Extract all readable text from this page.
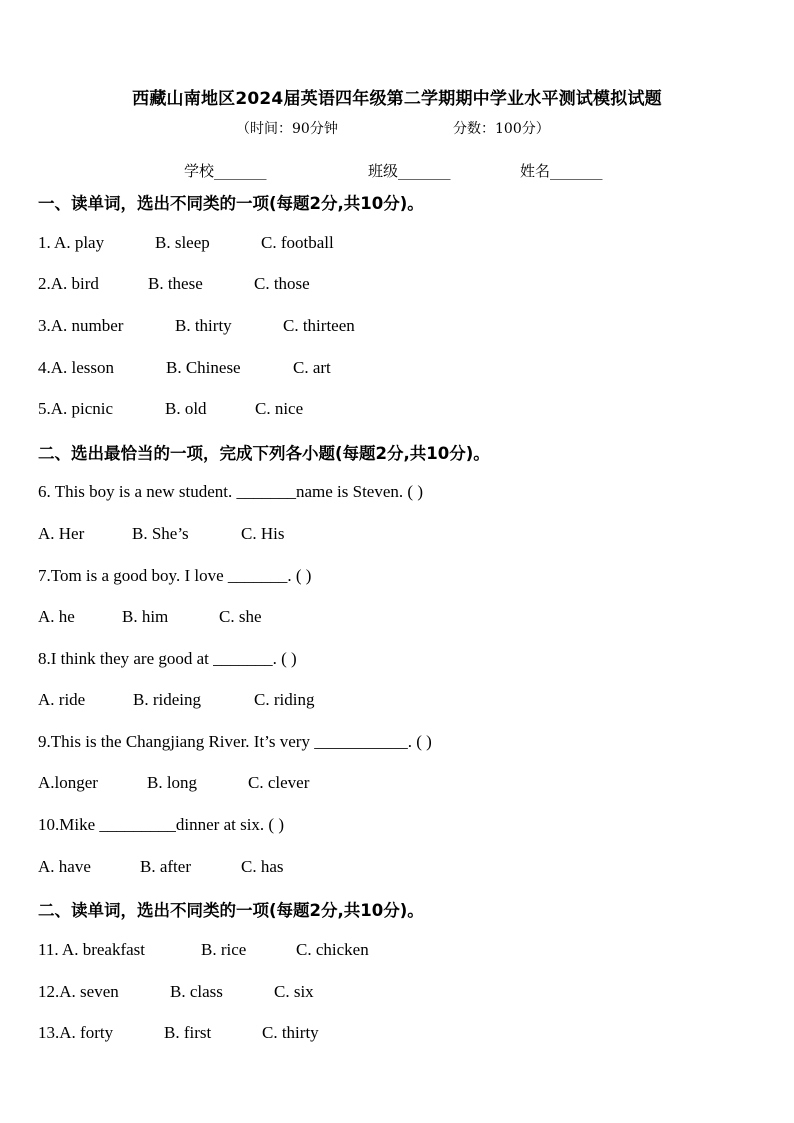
西藏山南地区2024届英语四年级第二学期期中学业水平测试模拟试题
（时间：90分钟	分数：100分）
学校_______	班级_______	姓名_______
一、读单词，选出不同类的一项(每题2分,共10分)。
1. A. play	B. sleep	C. football
2.A. bird	B. these	C. those
3.A. number	B. thirty	C. thirteen
4.A. lesson	B. Chinese	C. art
5.A. picnic	B. old	C. nice
二、选出最恰当的一项，完成下列各小题(每题2分,共10分)。
6. This boy is a new student. _______name is Steven. ( )
A. Her	B. She’s	C. His
7.Tom is a good boy. I love _______. ( )
A. he	B. him	C. she
8.I think they are good at _______. ( )
A. ride	B. rideing	C. riding
9.This is the Changjiang River. It’s very ___________. ( )
A.longer	B. long	C. clever
10.Mike _________dinner at six. ( )
A. have	B. after	C. has
二、读单词，选出不同类的一项(每题2分,共10分)。
11. A. breakfast	B. rice	C. chicken
12.A. seven	B. class	C. six
13.A. forty	B. first	C. thirty
